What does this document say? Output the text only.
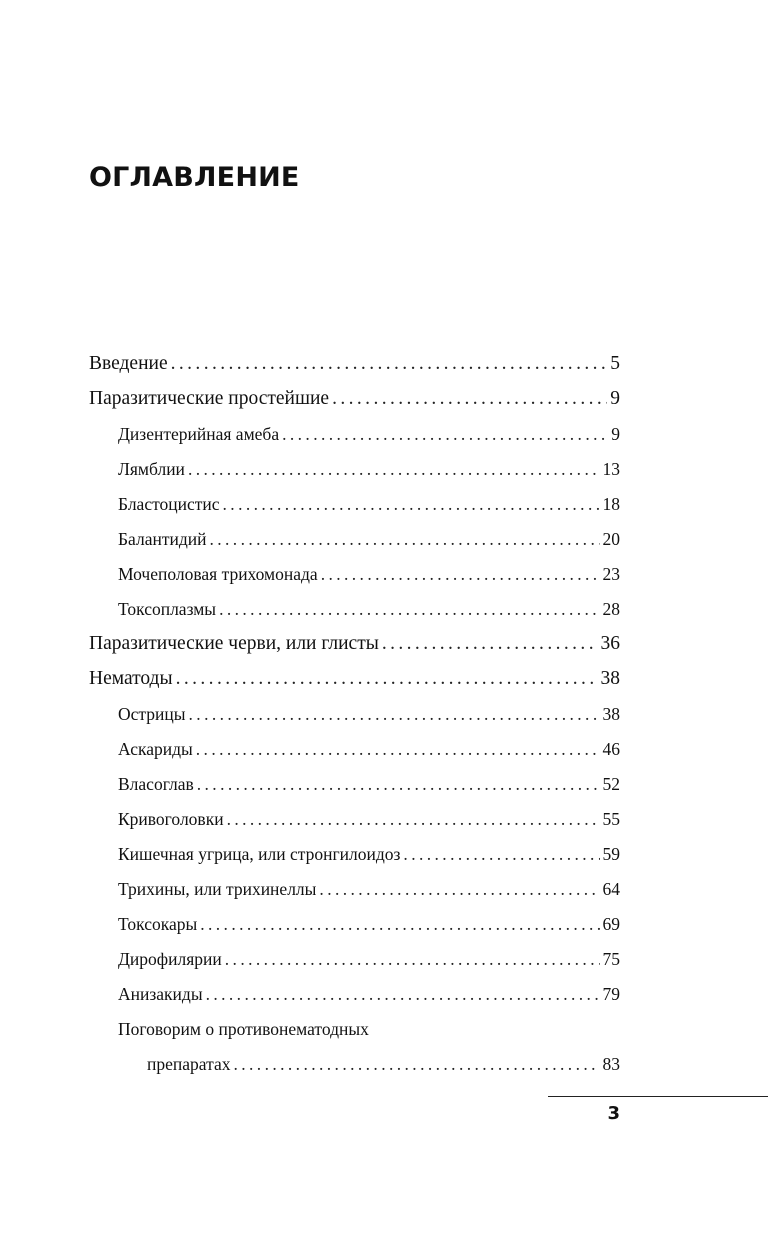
ОГЛАВЛЕНИЕ
Введение .....	5
Паразитические простейшие .....	9
Дизентерийная амеба .....	9
Лямблии .....	13
Бластоцистис .....	18
Балантидий .....	20
Мочеполовая трихомонада .....	23
Токсоплазмы .....	28
Паразитические черви, или глисты .....	36
Нематоды .....	38
Острицы .....	38
Аскариды .....	46
Власоглав .....	52
Кривоголовки .....	55
Кишечная угрица, или стронгилоидоз .....	59
Трихины, или трихинеллы .....	64
Токсокары .....	69
Дирофилярии .....	75
Анизакиды .....	79
Поговорим о противонематодных
препаратах .....	83
3
